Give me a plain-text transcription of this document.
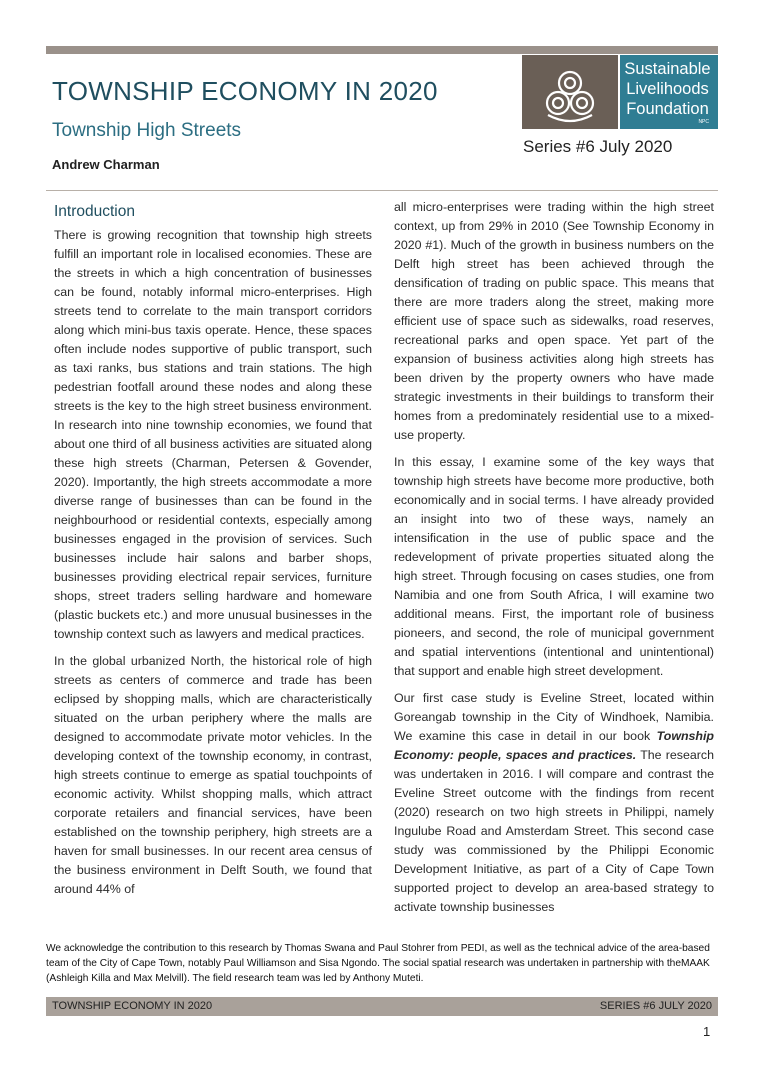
TOWNSHIP ECONOMY IN 2020
Township High Streets
Andrew Charman
Sustainable
Livelihoods
Foundation
NPC
Series #6 July 2020
Introduction

There is growing recognition that township high streets fulfill an important role in localised economies. These are the streets in which a high concentration of businesses can be found, notably informal micro-enterprises. High streets tend to correlate to the main transport corridors along which mini-bus taxis operate. Hence, these spaces often include nodes supportive of public transport, such as taxi ranks, bus stations and train stations. The high pedestrian footfall around these nodes and along these streets is the key to the high street business environment. In research into nine township economies, we found that about one third of all business activities are situated along these high streets (Charman, Petersen & Govender, 2020). Importantly, the high streets accommodate a more diverse range of businesses than can be found in the neighbourhood or residential contexts, especially among businesses engaged in the provision of services. Such businesses include hair salons and barber shops, businesses providing electrical repair services, furniture shops, street traders selling hardware and homeware (plastic buckets etc.) and more unusual businesses in the township context such as lawyers and medical practices.

In the global urbanized North, the historical role of high streets as centers of commerce and trade has been eclipsed by shopping malls, which are characteristically situated on the urban periphery where the malls are designed to accommodate private motor vehicles. In the developing context of the township economy, in contrast, high streets continue to emerge as spatial touchpoints of economic activity. Whilst shopping malls, which attract corporate retailers and financial services, have been established on the township periphery, high streets are a haven for small businesses. In our recent area census of the business environment in Delft South, we found that around 44% of

all micro-enterprises were trading within the high street context, up from 29% in 2010 (See Township Economy in 2020 #1). Much of the growth in business numbers on the Delft high street has been achieved through the densification of trading on public space. This means that there are more traders along the street, making more efficient use of space such as sidewalks, road reserves, recreational parks and open space. Yet part of the expansion of business activities along high streets has been driven by the property owners who have made strategic investments in their buildings to transform their homes from a predominately residential use to a mixed-use property.

In this essay, I examine some of the key ways that township high streets have become more productive, both economically and in social terms. I have already provided an insight into two of these ways, namely an intensification in the use of public space and the redevelopment of private properties situated along the high street. Through focusing on cases studies, one from Namibia and one from South Africa, I will examine two additional means. First, the important role of business pioneers, and second, the role of municipal government and spatial interventions (intentional and unintentional) that support and enable high street development.

Our first case study is Eveline Street, located within Goreangab township in the City of Windhoek, Namibia. We examine this case in detail in our book Township Economy: people, spaces and practices. The research was undertaken in 2016. I will compare and contrast the Eveline Street outcome with the findings from recent (2020) research on two high streets in Philippi, namely Ingulube Road and Amsterdam Street. This second case study was commissioned by the Philippi Economic Development Initiative, as part of a City of Cape Town supported project to develop an area-based strategy to activate township businesses

We acknowledge the contribution to this research by Thomas Swana and Paul Stohrer from PEDI, as well as the technical advice of the area-based team of the City of Cape Town, notably Paul Williamson and Sisa Ngondo. The social spatial research was undertaken in partnership with theMAAK (Ashleigh Killa and Max Melvill). The field research team was led by Anthony Muteti.
TOWNSHIP ECONOMY IN 2020	SERIES #6 JULY 2020
1
